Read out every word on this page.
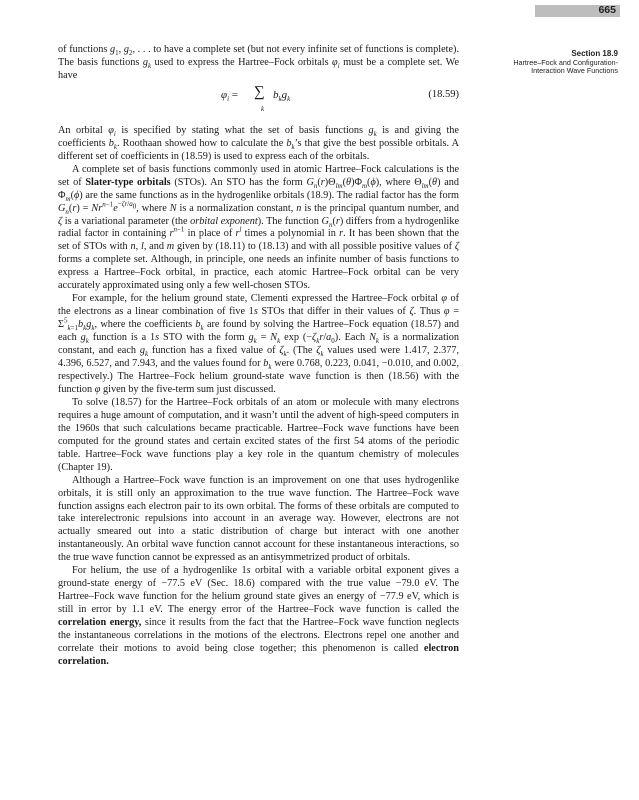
665
Section 18.9
Hartree–Fock and Configuration-
Interaction Wave Functions

of functions $g_1$, $g_2$, . . . to have a complete set (but not every infinite set of functions is complete). The basis functions $g_k$ used to express the Hartree–Fock orbitals $\varphi_i$ must be a complete set. We have

$\varphi_i$ = ∑
k
$b_kg_k$	(18.59)

An orbital $\varphi_i$ is specified by stating what the set of basis functions $g_k$ is and giving the coefficients $b_k$. Roothaan showed how to calculate the $b_k’s$ that give the best possible orbitals. A different set of coefficients in (18.59) is used to express each of the orbitals.

A complete set of basis functions commonly used in atomic Hartree–Fock calculations is the set of Slater-type orbitals (STOs). An STO has the form $G_n(r)\Theta_{lm}(\theta)\Phi_m(\phi)$, where $\Theta_{lm}(\theta)$ and $\Phi_m(\phi)$ are the same functions as in the hydrogenlike orbitals (18.9). The radial factor has the form $G_n(r) = Nr^{n-1}e^{-\zeta r/a_0}$, where N is a normalization constant, n is the principal quantum number, and ζ is a variational parameter (the orbital exponent). The function $G_n(r)$ differs from a hydrogenlike radial factor in containing $r^{n-1}$ in place of $r^l$ times a polynomial in r. It has been shown that the set of STOs with n, l, and m given by (18.11) to (18.13) and with all possible positive values of ζ forms a complete set. Although, in principle, one needs an infinite number of basis functions to express a Hartree–Fock orbital, in practice, each atomic Hartree–Fock orbital can be very accurately approximated using only a few well-chosen STOs.

For example, for the helium ground state, Clementi expressed the Hartree–Fock orbital φ of the electrons as a linear combination of five 1s STOs that differ in their values of ζ. Thus $\varphi = \Sigma^5_{k=1}b_kg_k$, where the coefficients $b_k$ are found by solving the Hartree–Fock equation (18.57) and each $g_k$ function is a 1s STO with the form $g_k = N_k$ $\exp (-\zeta_kr/a_0)$. Each $N_k$ is a normalization constant, and each $g_k$ function has a fixed value of $\zeta_k$. (The $\zeta_k$ values used were 1.417, 2.377, 4.396, 6.527, and 7.943, and the values found for $b_k$ were 0.768, 0.223, 0.041, −0.010, and 0.002, respectively.) The Hartree–Fock helium ground-state wave function is then (18.56) with the function φ given by the five-term sum just discussed.

To solve (18.57) for the Hartree–Fock orbitals of an atom or molecule with many electrons requires a huge amount of computation, and it wasn’t until the advent of high-speed computers in the 1960s that such calculations became practicable. Hartree–Fock wave functions have been computed for the ground states and certain excited states of the first 54 atoms of the periodic table. Hartree–Fock wave functions play a key role in the quantum chemistry of molecules (Chapter 19).

Although a Hartree–Fock wave function is an improvement on one that uses hydrogenlike orbitals, it is still only an approximation to the true wave function. The Hartree–Fock wave function assigns each electron pair to its own orbital. The forms of these orbitals are computed to take interelectronic repulsions into account in an average way. However, electrons are not actually smeared out into a static distribution of charge but interact with one another instantaneously. An orbital wave function cannot account for these instantaneous interactions, so the true wave function cannot be expressed as an antisymmetrized product of orbitals.

For helium, the use of a hydrogenlike 1s orbital with a variable orbital exponent gives a ground-state energy of −77.5 eV (Sec. 18.6) compared with the true value −79.0 eV. The Hartree–Fock wave function for the helium ground state gives an energy of −77.9 eV, which is still in error by 1.1 eV. The energy error of the Hartree–Fock wave function is called the correlation energy, since it results from the fact that the Hartree–Fock wave function neglects the instantaneous correlations in the motions of the electrons. Electrons repel one another and correlate their motions to avoid being close together; this phenomenon is called electron correlation.
